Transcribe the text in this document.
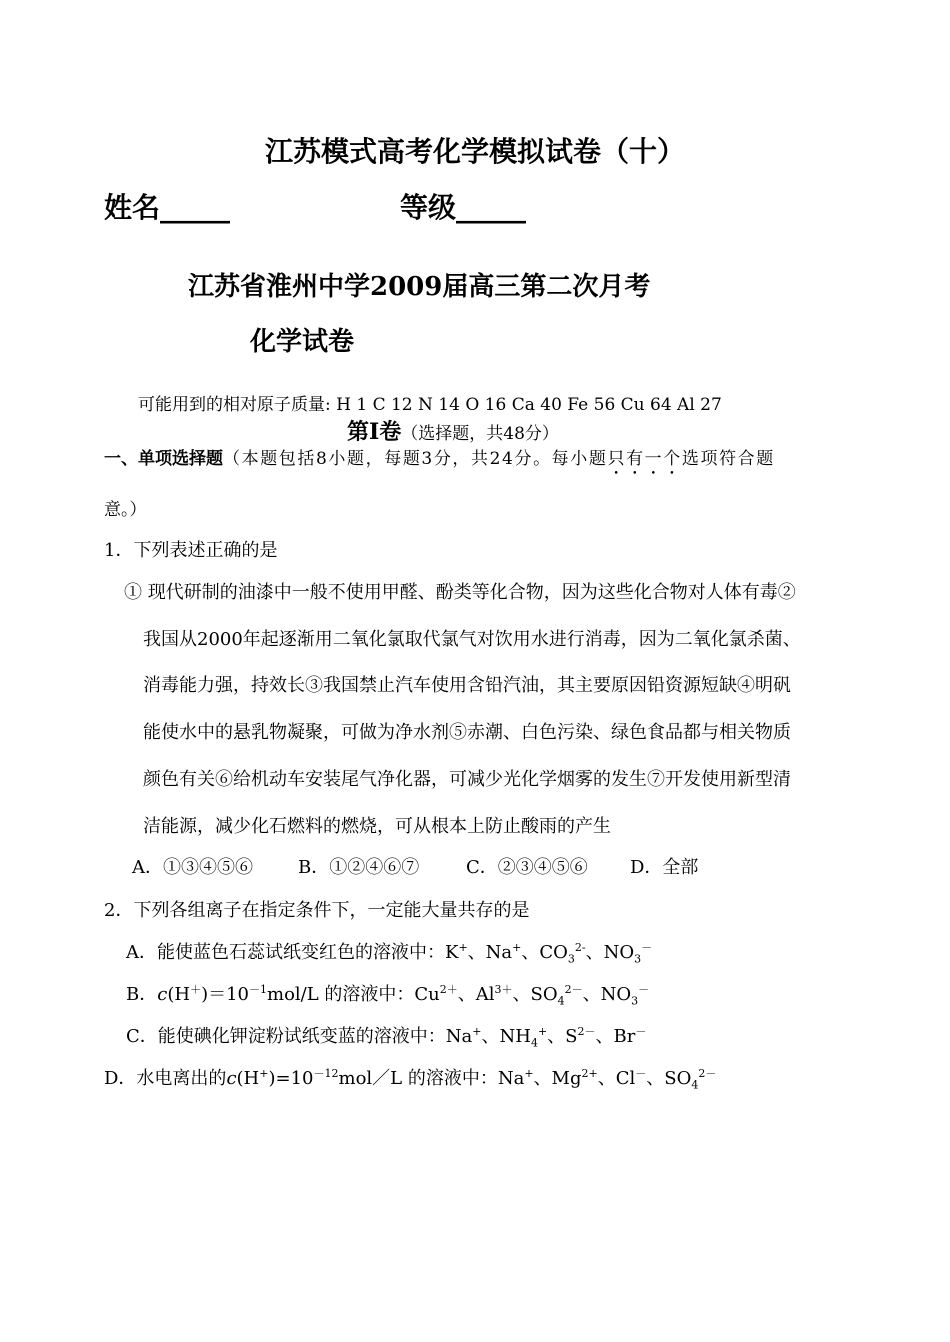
江苏模式高考化学模拟试卷（十）
姓名_____	等级_____
江苏省淮州中学2009届高三第二次月考
化学试卷
可能用到的相对原子质量: H 1 C 12 N 14 O 16 Ca 40 Fe 56 Cu 64 Al 27
第Ⅰ卷（选择题，共48分）
一、单项选择题（本题包括8小题，每题3分，共24分。每小题只有一个选项符合题
意。）
1．下列表述正确的是
① 现代研制的油漆中一般不使用甲醛、酚类等化合物，因为这些化合物对人体有毒②
我国从2000年起逐渐用二氧化氯取代氯气对饮用水进行消毒，因为二氧化氯杀菌、
消毒能力强，持效长③我国禁止汽车使用含铅汽油，其主要原因铅资源短缺④明矾
能使水中的悬乳物凝聚，可做为净水剂⑤赤潮、白色污染、绿色食品都与相关物质
颜色有关⑥给机动车安装尾气净化器，可减少光化学烟雾的发生⑦开发使用新型清
洁能源，减少化石燃料的燃烧，可从根本上防止酸雨的产生
A．①③④⑤⑥	B．①②④⑥⑦	C．②③④⑤⑥ D．全部
2．下列各组离子在指定条件下，一定能大量共存的是
A．能使蓝色石蕊试纸变红色的溶液中：K+、Na+、$CO_3^{2-}$、$NO_3^-$
B．$c(H^+)=10^{-1}mol/L$ 的溶液中：$Cu^{2+}$、$Al^{3+}$、$SO_4^{2-}$、$NO_3^-$
C．能使碘化钾淀粉试纸变蓝的溶液中：Na+、$NH_4^+$、$S^{2-}$、Br－
D．水电离出的$c(H^+)=10^{-12}mol/L$ 的溶液中：Na+、$Mg^{2+}$、Cl－、$SO_4^{2-}$
